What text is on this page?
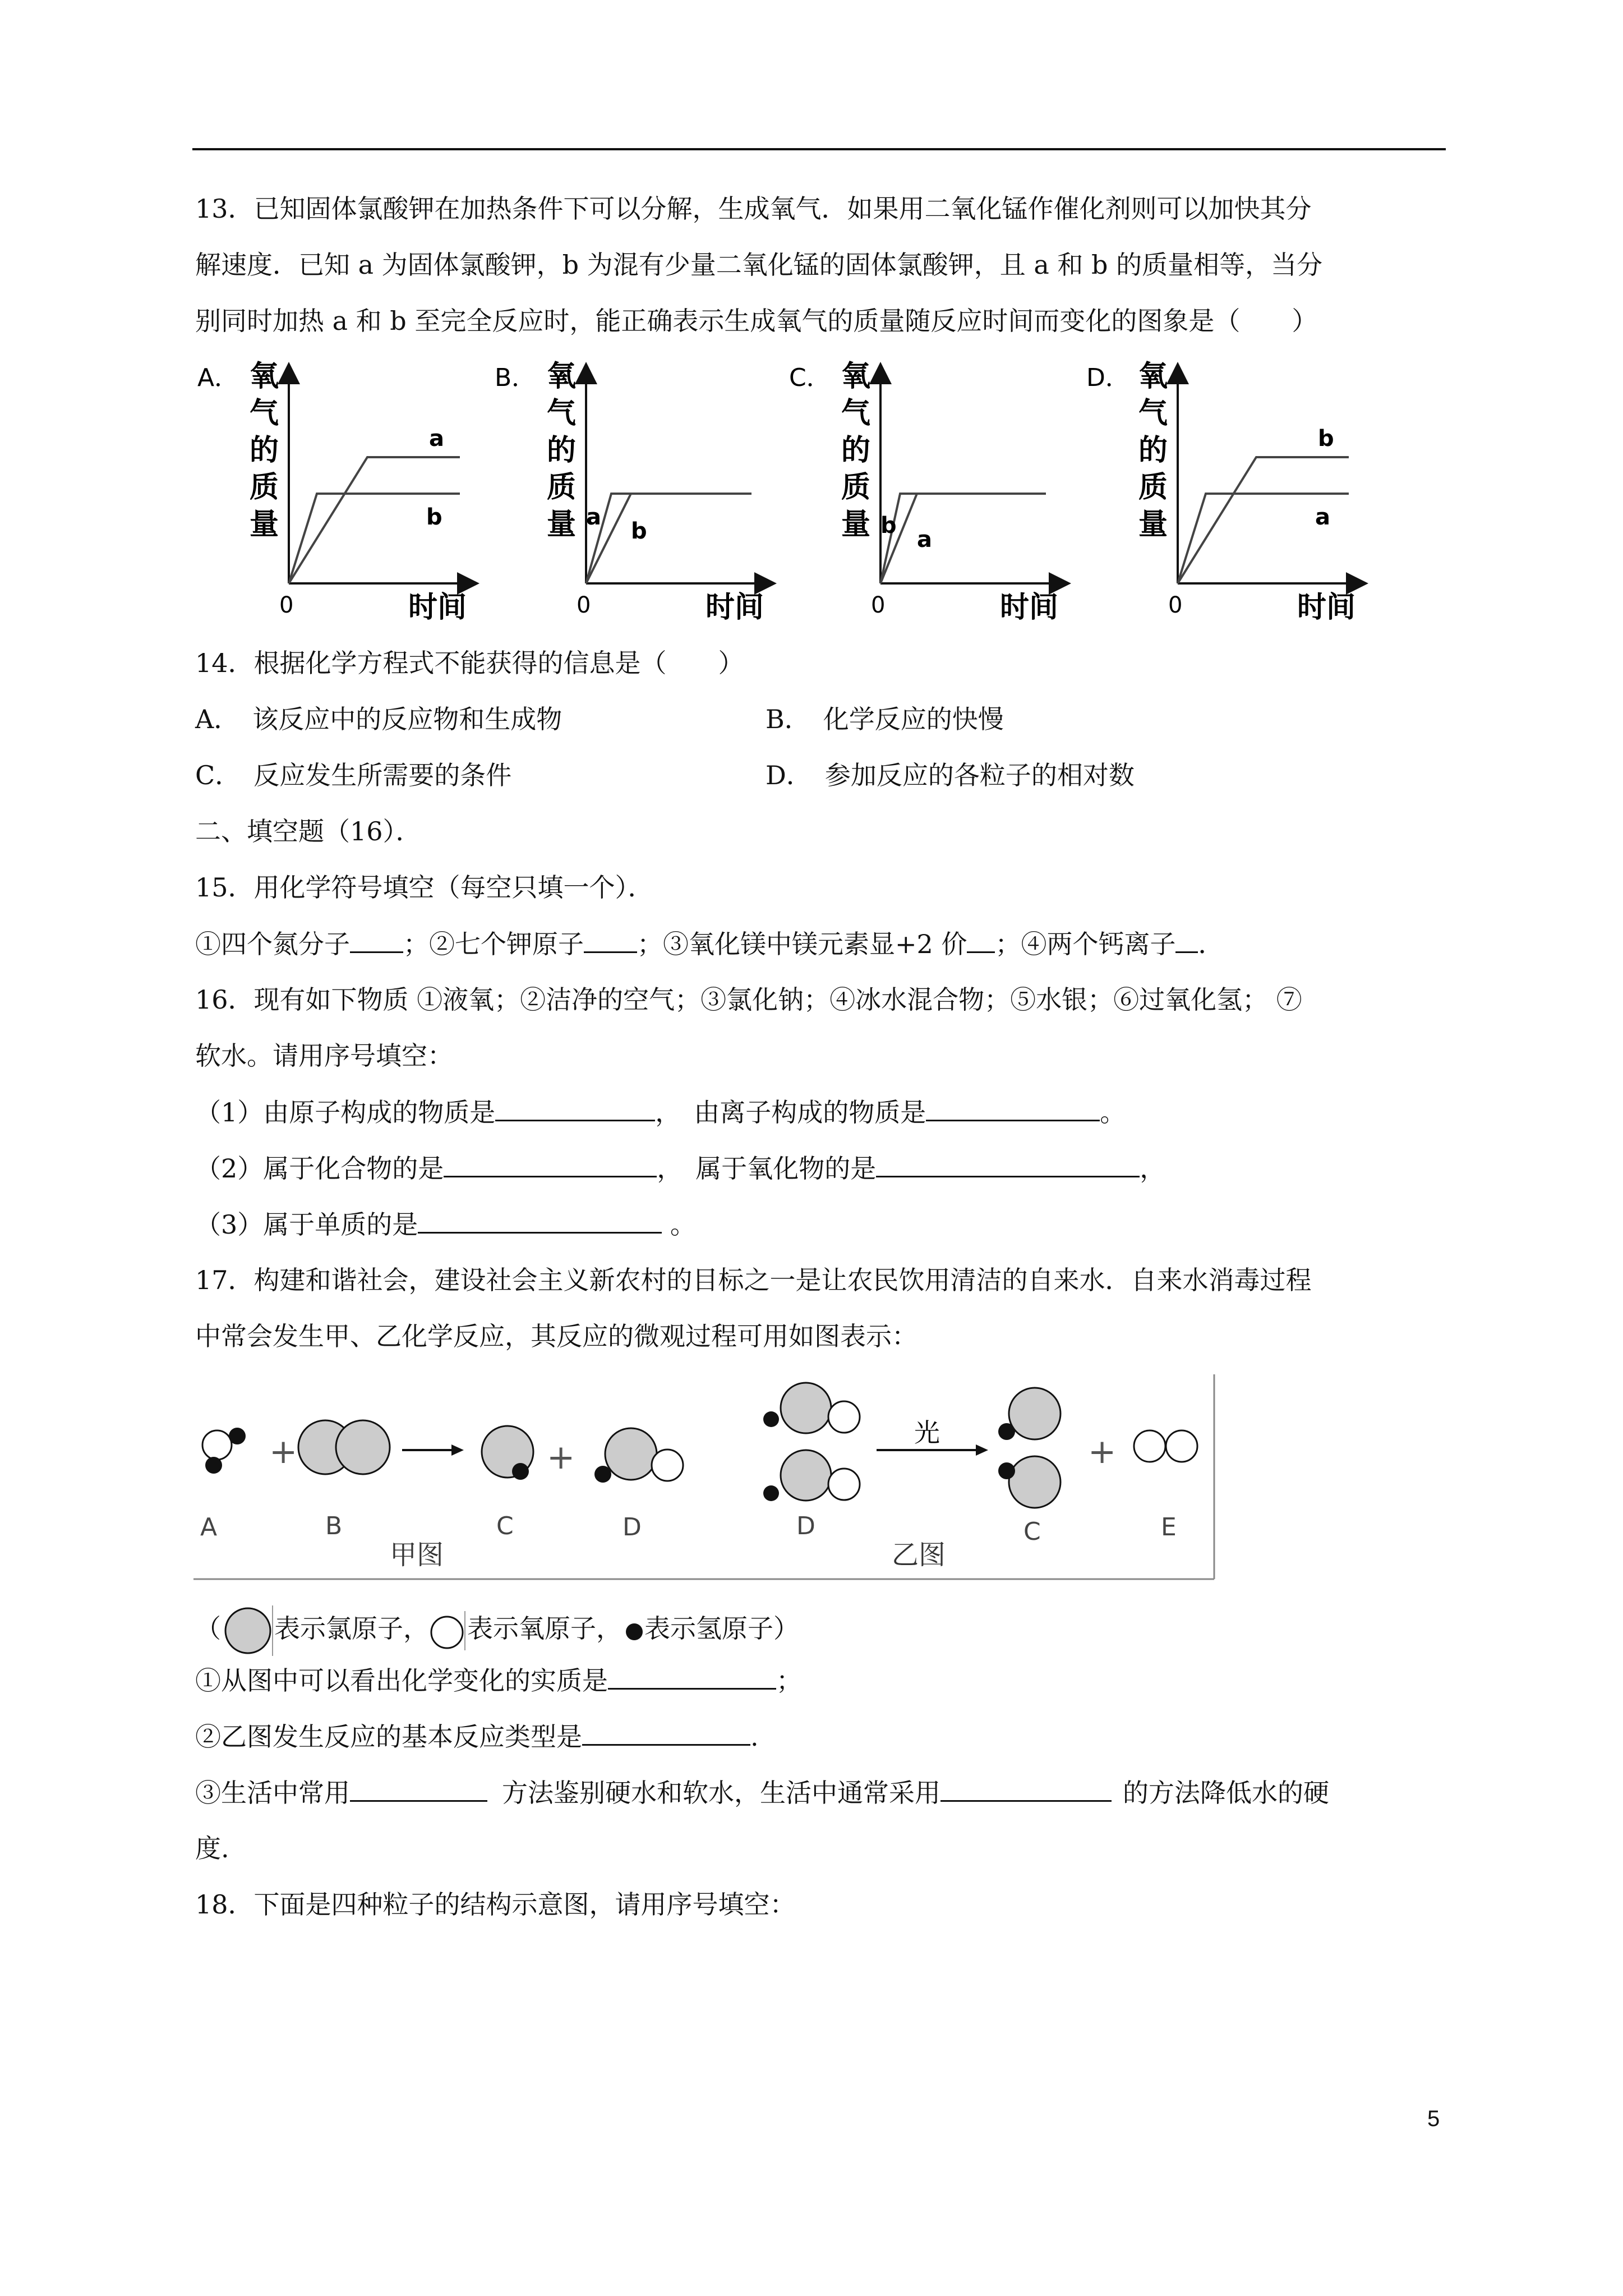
13．已知固体氯酸钾在加热条件下可以分解，生成氧气．如果用二氧化锰作催化剂则可以加快其分
解速度．已知 a 为固体氯酸钾，b 为混有少量二氧化锰的固体氯酸钾，且 a 和 b 的质量相等，当分
别同时加热 a 和 b 至完全反应时，能正确表示生成氧气的质量随反应时间而变化的图象是（　　）
A． 氧
气
的
质
量
0	时间
a
b
B． 氧
气
的
质
量
0	时间
a
b
C． 氧
气
的
质
量
0	时间
b
a
D． 氧
气
的
质
量
0	时间
b
a
14．根据化学方程式不能获得的信息是（　　）
A．　该反应中的反应物和生成物	B．　化学反应的快慢
C．　反应发生所需要的条件	D．　参加反应的各粒子的相对数
二、填空题（16）．
15．用化学符号填空（每空只填一个）．
①四个氮分子 ；②七个钾原子 ；③氧化镁中镁元素显+2 价 ；④两个钙离子 ．
16．现有如下物质 ①液氧；②洁净的空气；③氯化钠；④冰水混合物；⑤水银；⑥过氧化氢； ⑦
软水。请用序号填空：
（1）由原子构成的物质是	，　由离子构成的物质是	。
（2）属于化合物的是	，　属于氧化物的是	，
（3）属于单质的是	。
17．构建和谐社会，建设社会主义新农村的目标之一是让农民饮用清洁的自来水．自来水消毒过程
中常会发生甲、乙化学反应，其反应的微观过程可用如图表示：
+	+
光	+
A	B	C	D
甲图
D
乙图
C	E
（ 表示氯原子， 表示氧原子， 表示氢原子）
①从图中可以看出化学变化的实质是	；
②乙图发生反应的基本反应类型是	.
③生活中常用	方法鉴别硬水和软水，生活中通常采用	的方法降低水的硬
度.
18．下面是四种粒子的结构示意图，请用序号填空：
5
